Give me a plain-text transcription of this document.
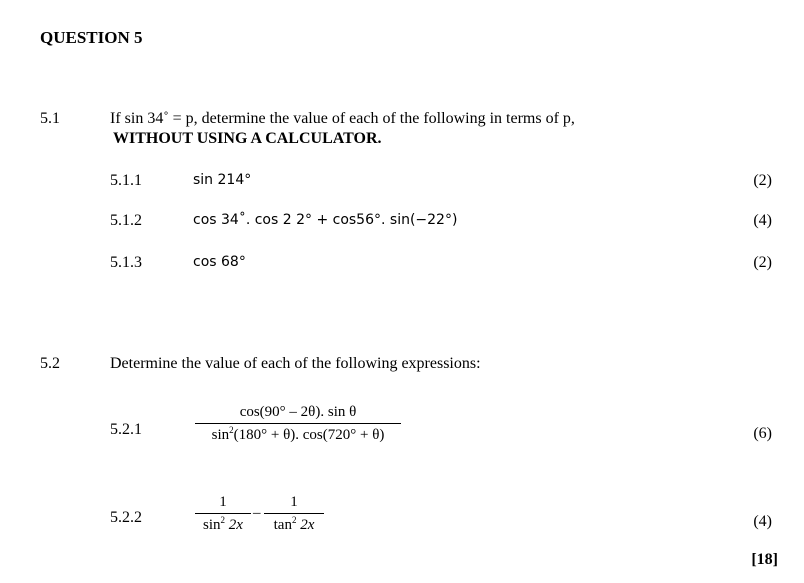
QUESTION 5
5.1	If sin 34˚ = p, determine the value of each of the following in terms of p,
WITHOUT USING A CALCULATOR.
5.1.1	sin 214°	(2)
5.1.2	cos 34˚. cos 2 2° + cos56°. sin(−22°)	(4)
5.1.3	cos 68°	(2)
5.2	Determine the value of each of the following expressions:
5.2.1
cos(90° – 2θ). sin θ
$\sin^2(180^\circ + \theta)$. cos(720° + θ)	(6)
5.2.2
1
$\sin^2 2x$
–
1
$\tan^2 2x$	(4)
[18]
